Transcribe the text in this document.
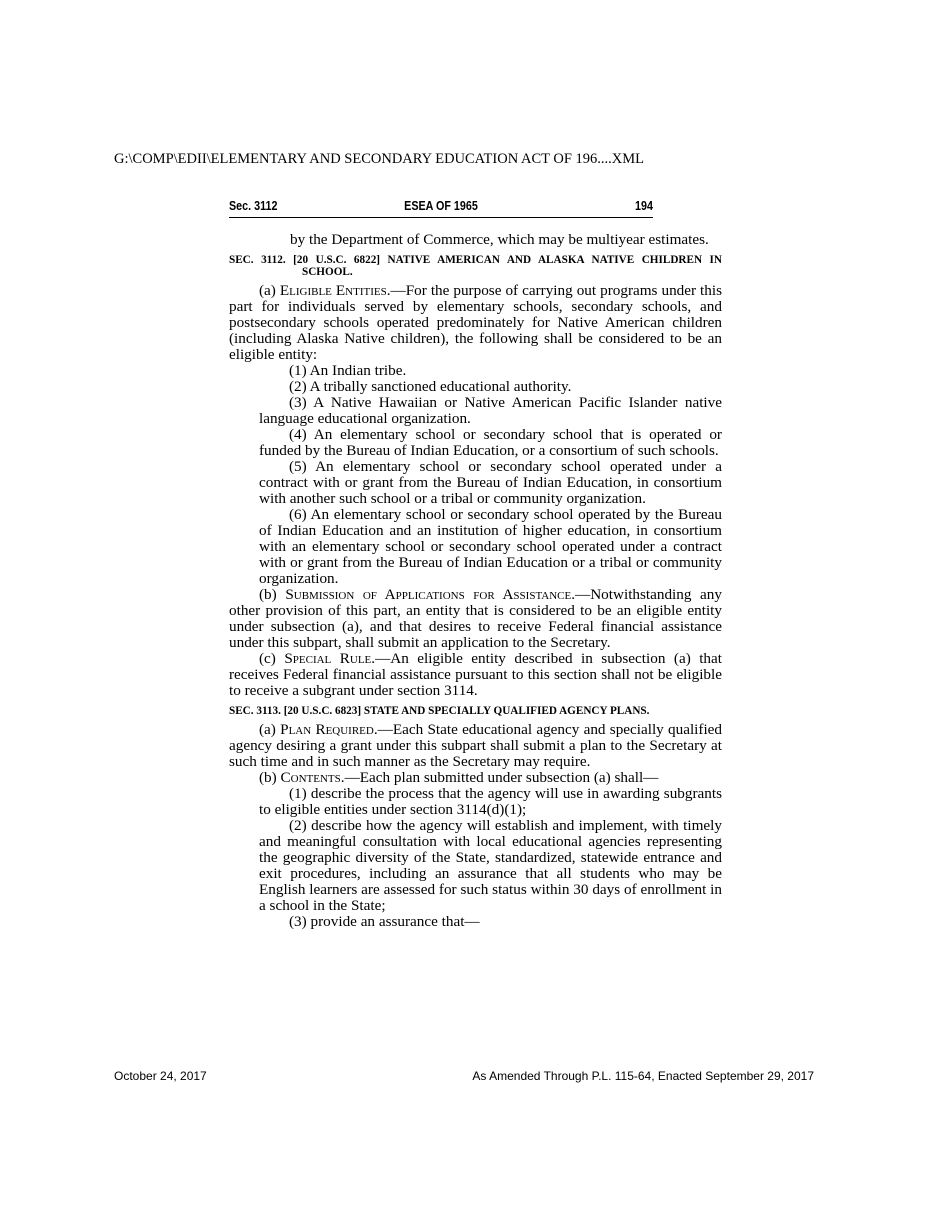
G:\COMP\EDII\ELEMENTARY AND SECONDARY EDUCATION ACT OF 196....XML
Sec. 3112	ESEA OF 1965	194

by the Department of Commerce, which may be multiyear estimates.

SEC. 3112. [20 U.S.C. 6822] NATIVE AMERICAN AND ALASKA NATIVE CHILDREN IN SCHOOL.

(a) Eligible Entities.—For the purpose of carrying out programs under this part for individuals served by elementary schools, secondary schools, and postsecondary schools operated predominately for Native American children (including Alaska Native children), the following shall be considered to be an eligible entity:

(1) An Indian tribe.

(2) A tribally sanctioned educational authority.

(3) A Native Hawaiian or Native American Pacific Islander native language educational organization.

(4) An elementary school or secondary school that is operated or funded by the Bureau of Indian Education, or a consortium of such schools.

(5) An elementary school or secondary school operated under a contract with or grant from the Bureau of Indian Education, in consortium with another such school or a tribal or community organization.

(6) An elementary school or secondary school operated by the Bureau of Indian Education and an institution of higher education, in consortium with an elementary school or secondary school operated under a contract with or grant from the Bureau of Indian Education or a tribal or community organization.

(b) Submission of Applications for Assistance.—Notwithstanding any other provision of this part, an entity that is considered to be an eligible entity under subsection (a), and that desires to receive Federal financial assistance under this subpart, shall submit an application to the Secretary.

(c) Special Rule.—An eligible entity described in subsection (a) that receives Federal financial assistance pursuant to this section shall not be eligible to receive a subgrant under section 3114.

SEC. 3113. [20 U.S.C. 6823] STATE AND SPECIALLY QUALIFIED AGENCY PLANS.

(a) Plan Required.—Each State educational agency and specially qualified agency desiring a grant under this subpart shall submit a plan to the Secretary at such time and in such manner as the Secretary may require.

(b) Contents.—Each plan submitted under subsection (a) shall—

(1) describe the process that the agency will use in awarding subgrants to eligible entities under section 3114(d)(1);

(2) describe how the agency will establish and implement, with timely and meaningful consultation with local educational agencies representing the geographic diversity of the State, standardized, statewide entrance and exit procedures, including an assurance that all students who may be English learners are assessed for such status within 30 days of enrollment in a school in the State;

(3) provide an assurance that—

October 24, 2017	As Amended Through P.L. 115-64, Enacted September 29, 2017
